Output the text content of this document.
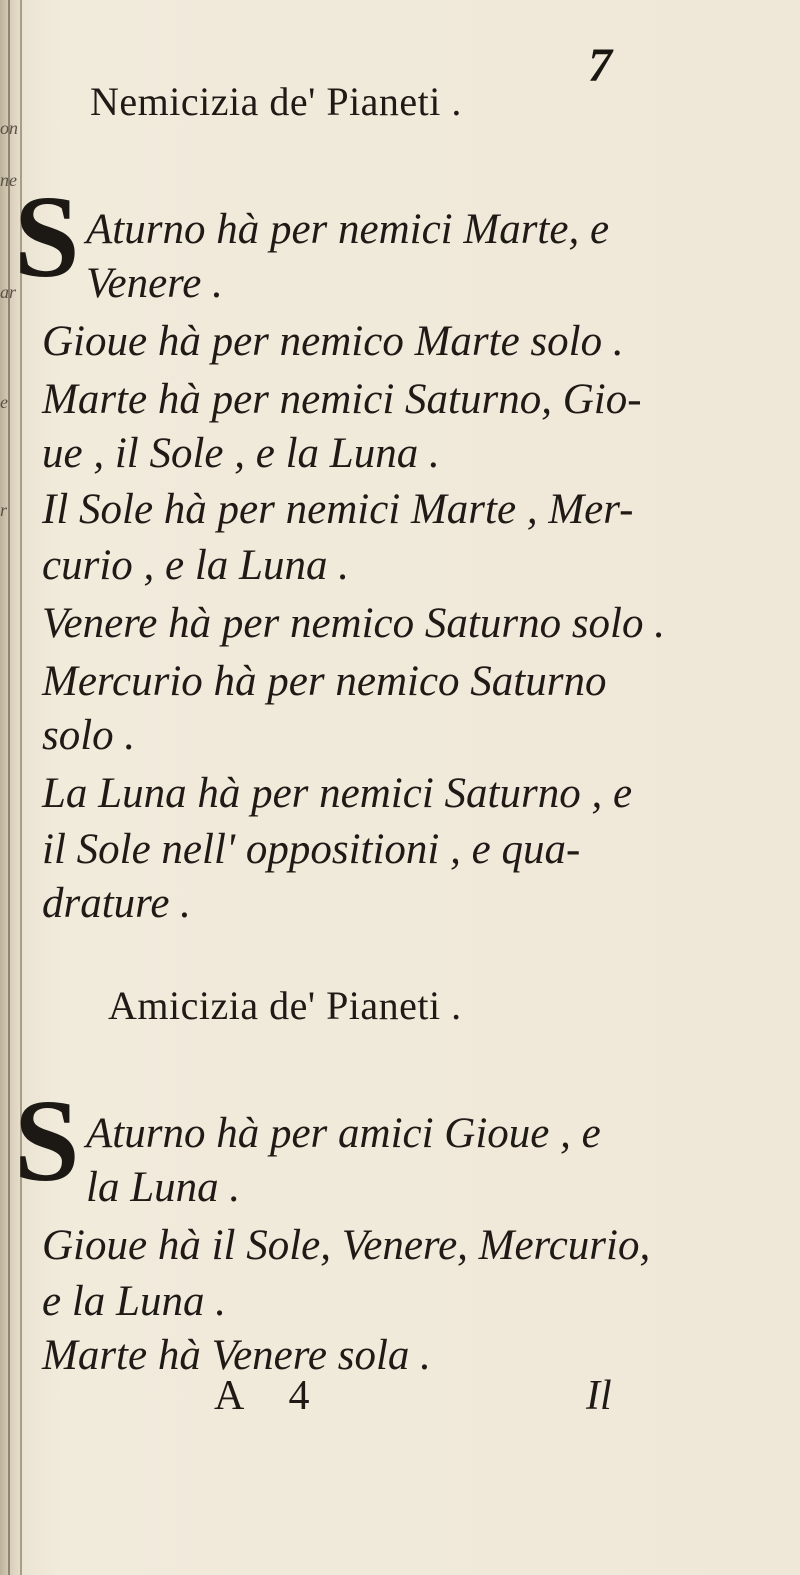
on
ne
ar
e
r
7
Nemicizia de' Pianeti .
S Aturno hà per nemici Marte, e

Venere .

Gioue hà per nemico Marte solo .

Marte hà per nemici Saturno, Gio-

ue , il Sole , e la Luna .

Il Sole hà per nemici Marte , Mer-

curio , e la Luna .

Venere hà per nemico Saturno solo .

Mercurio hà per nemico Saturno

solo .

La Luna hà per nemici Saturno , e

il Sole nell' oppositioni , e qua-

drature .

Amicizia de' Pianeti .
S Aturno hà per amici Gioue , e

la Luna .

Gioue hà il Sole, Venere, Mercurio,

e la Luna .

Marte hà Venere sola .

A 4	Il
